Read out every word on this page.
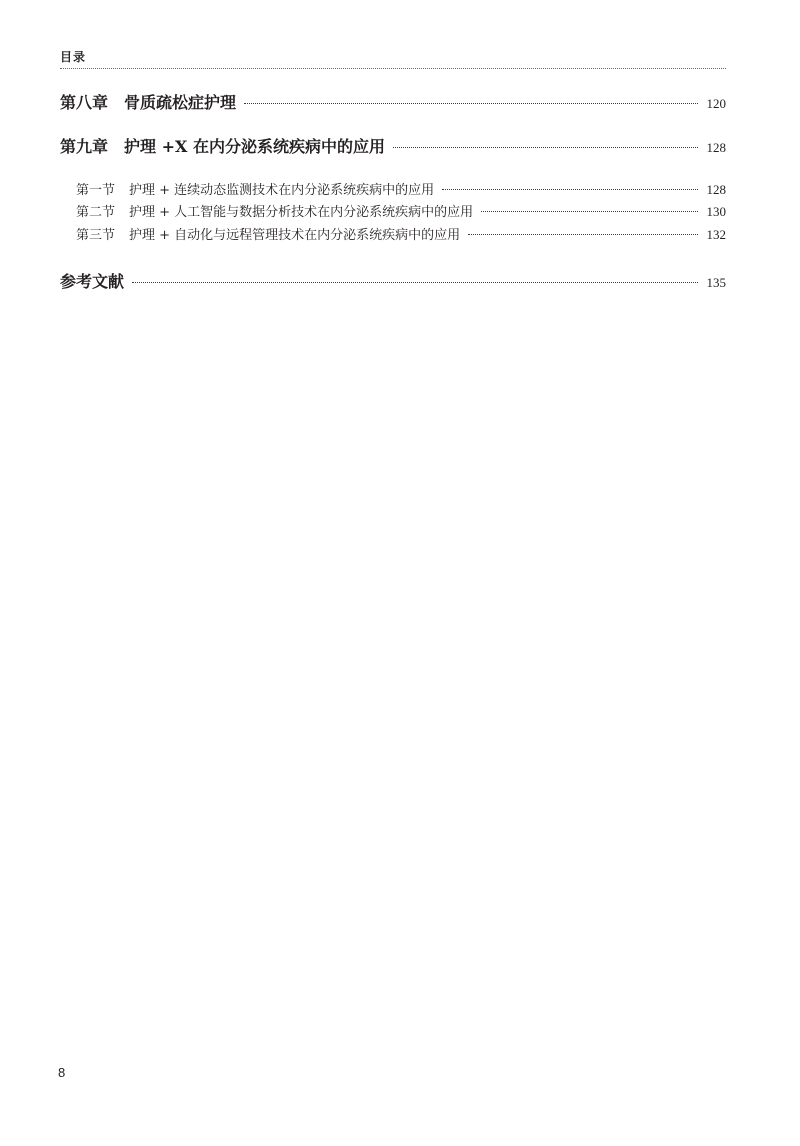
目录
第八章 骨质疏松症护理	120
第九章 护理 +X 在内分泌系统疾病中的应用	128
第一节 护理 + 连续动态监测技术在内分泌系统疾病中的应用	128
第二节 护理 + 人工智能与数据分析技术在内分泌系统疾病中的应用	130
第三节 护理 + 自动化与远程管理技术在内分泌系统疾病中的应用	132
参考文献	135
8
